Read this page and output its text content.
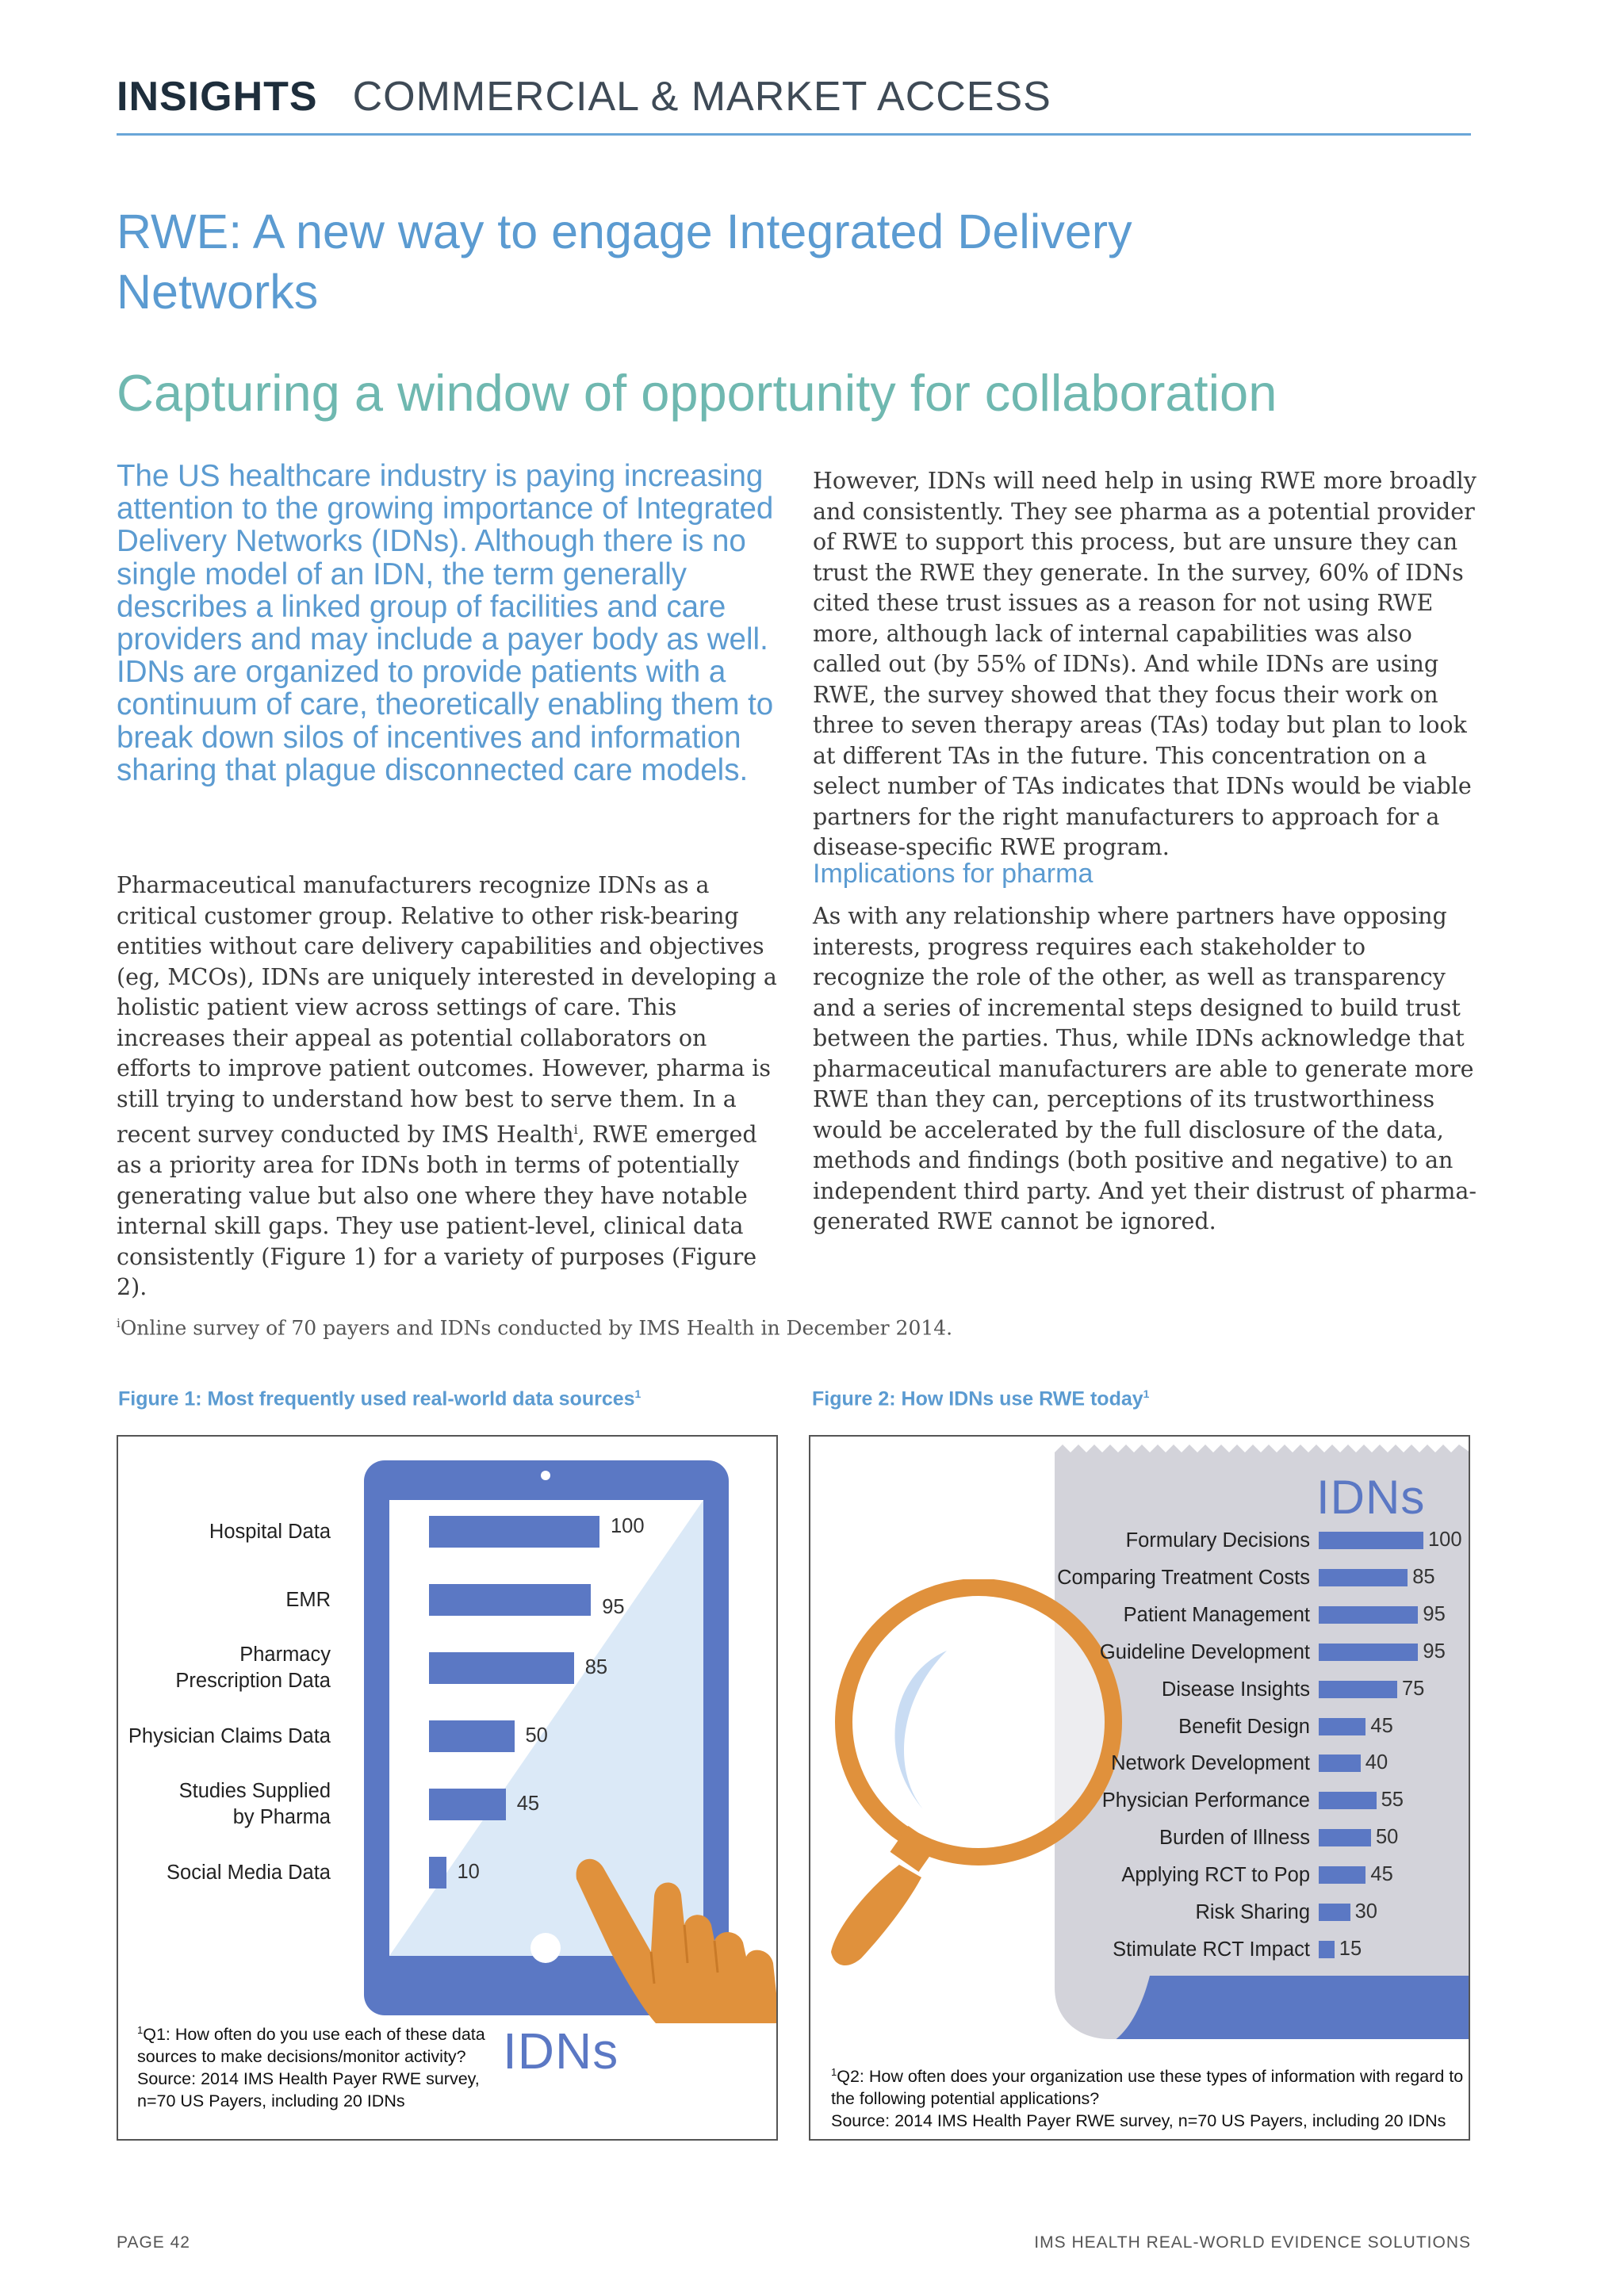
INSIGHTS COMMERCIAL & MARKET ACCESS
RWE: A new way to engage Integrated Delivery Networks
Capturing a window of opportunity for collaboration
The US healthcare industry is paying increasing attention to the growing importance of Integrated Delivery Networks (IDNs). Although there is no single model of an IDN, the term generally describes a linked group of facilities and care providers and may include a payer body as well. IDNs are organized to provide patients with a continuum of care, theoretically enabling them to break down silos of incentives and information sharing that plague disconnected care models.
Pharmaceutical manufacturers recognize IDNs as a critical customer group. Relative to other risk-bearing entities without care delivery capabilities and objectives (eg, MCOs), IDNs are uniquely interested in developing a holistic patient view across settings of care. This increases their appeal as potential collaborators on efforts to improve patient outcomes. However, pharma is still trying to understand how best to serve them. In a recent survey conducted by IMS Health$^i$, RWE emerged as a priority area for IDNs both in terms of potentially generating value but also one where they have notable internal skill gaps. They use patient-level, clinical data consistently (Figure 1) for a variety of purposes (Figure 2).
However, IDNs will need help in using RWE more broadly and consistently. They see pharma as a potential provider of RWE to support this process, but are unsure they can trust the RWE they generate. In the survey, 60% of IDNs cited these trust issues as a reason for not using RWE more, although lack of internal capabilities was also called out (by 55% of IDNs). And while IDNs are using RWE, the survey showed that they focus their work on three to seven therapy areas (TAs) today but plan to look at different TAs in the future. This concentration on a select number of TAs indicates that IDNs would be viable partners for the right manufacturers to approach for a disease-specific RWE program.
Implications for pharma
As with any relationship where partners have opposing interests, progress requires each stakeholder to recognize the role of the other, as well as transparency and a series of incremental steps designed to build trust between the parties. Thus, while IDNs acknowledge that pharmaceutical manufacturers are able to generate more RWE than they can, perceptions of its trustworthiness would be accelerated by the full disclosure of the data, methods and findings (both positive and negative) to an independent third party. And yet their distrust of pharma-generated RWE cannot be ignored.
$^i$Online survey of 70 payers and IDNs conducted by IMS Health in December 2014.
Figure 1: Most frequently used real-world data sources$^1$	Figure 2: How IDNs use RWE today$^1$
Hospital Data	100
EMR	95
Pharmacy
Prescription Data
85
Physician Claims Data	50
Studies Supplied
by Pharma
45
Social Media Data	10
IDNs
$^1$Q1: How often do you use each of these data sources to make decisions/monitor activity?
Source: 2014 IMS Health Payer RWE survey, n=70 US Payers, including 20 IDNs
IDNs
Formulary Decisions	100
Comparing Treatment Costs	85
Patient Management	95
Guideline Development	95
Disease Insights	75
Benefit Design	45
Network Development	40
Physician Performance	55
Burden of Illness	50
Applying RCT to Pop	45
Risk Sharing 30
Stimulate RCT Impact 15
$^1$Q2: How often does your organization use these types of information with regard to the following potential applications?
Source: 2014 IMS Health Payer RWE survey, n=70 US Payers, including 20 IDNs
PAGE 42	IMS HEALTH REAL-WORLD EVIDENCE SOLUTIONS
